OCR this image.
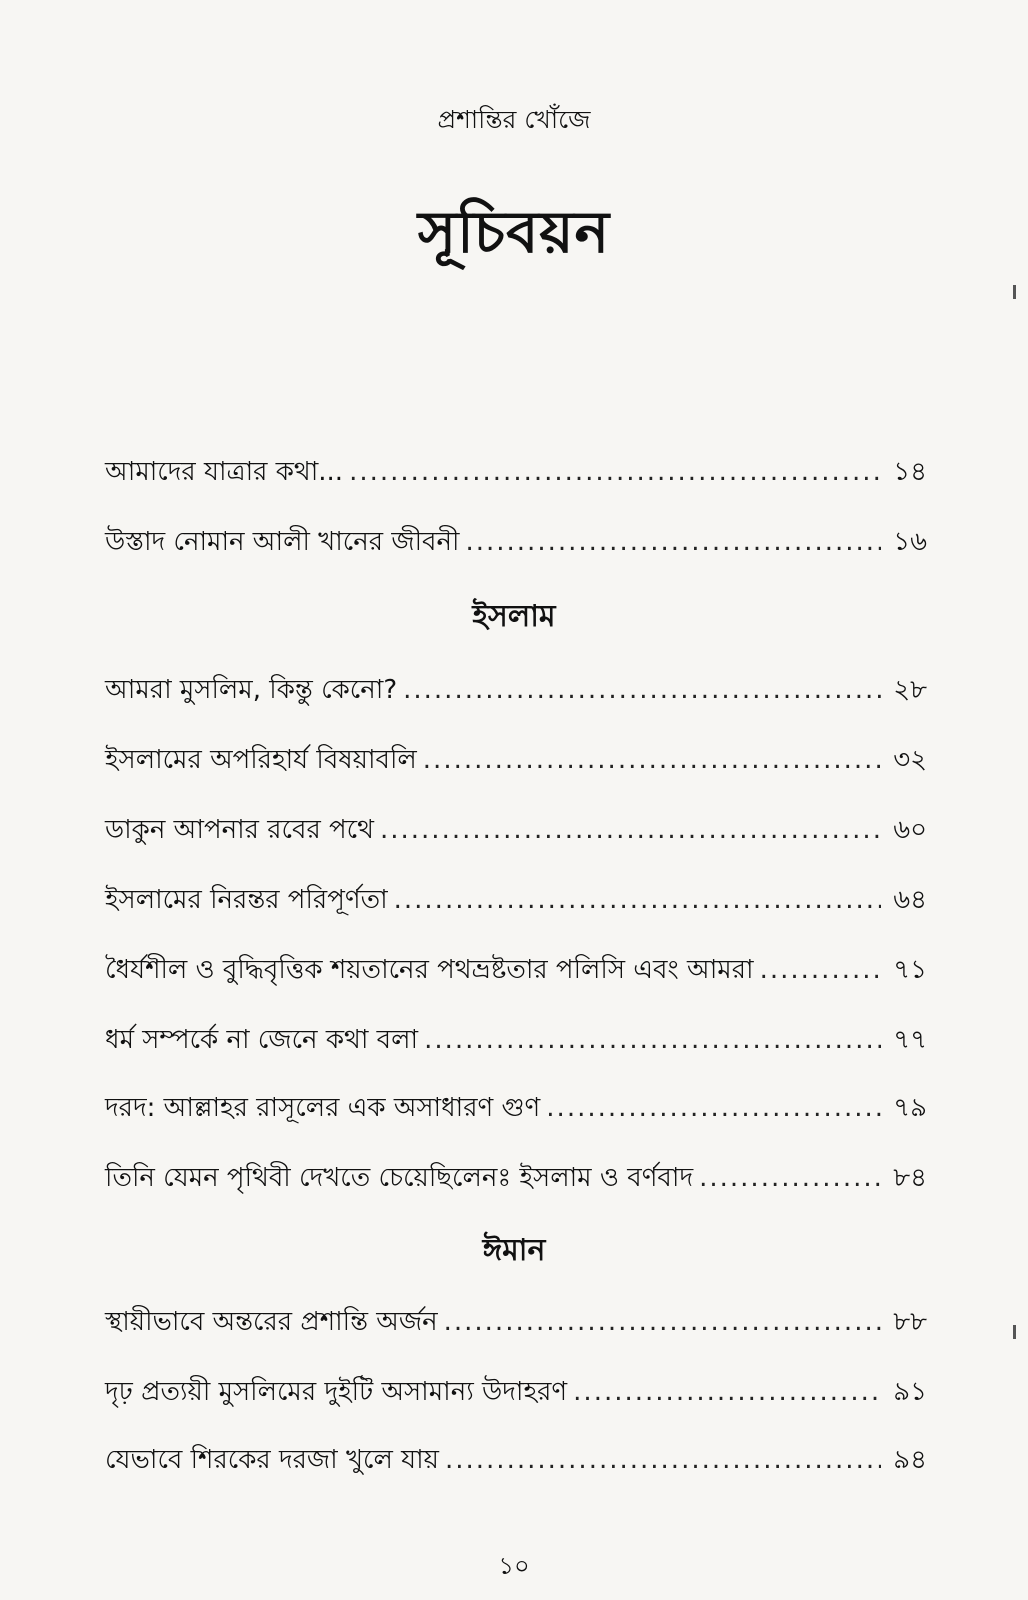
প্রশান্তির খোঁজে
সূচিবয়ন
আমাদের যাত্রার কথা... .....	১৪
উস্তাদ নোমান আলী খানের জীবনী .....	১৬
ইসলাম
আমরা মুসলিম, কিন্তু কেনো? .....	২৮
ইসলামের অপরিহার্য বিষয়াবলি .....	৩২
ডাকুন আপনার রবের পথে .....	৬০
ইসলামের নিরন্তর পরিপূর্ণতা .....	৬৪
ধৈর্যশীল ও বুদ্ধিবৃত্তিক শয়তানের পথভ্রষ্টতার পলিসি এবং আমরা .....	৭১
ধর্ম সম্পর্কে না জেনে কথা বলা .....	৭৭
দরদ: আল্লাহর রাসূলের এক অসাধারণ গুণ .....	৭৯
তিনি যেমন পৃথিবী দেখতে চেয়েছিলেনঃ ইসলাম ও বর্ণবাদ .....	৮৪
ঈমান
স্থায়ীভাবে অন্তরের প্রশান্তি অর্জন .....	৮৮
দৃঢ় প্রত্যয়ী মুসলিমের দুইটি অসামান্য উদাহরণ .....	৯১
যেভাবে শিরকের দরজা খুলে যায় .....	৯৪
১০
